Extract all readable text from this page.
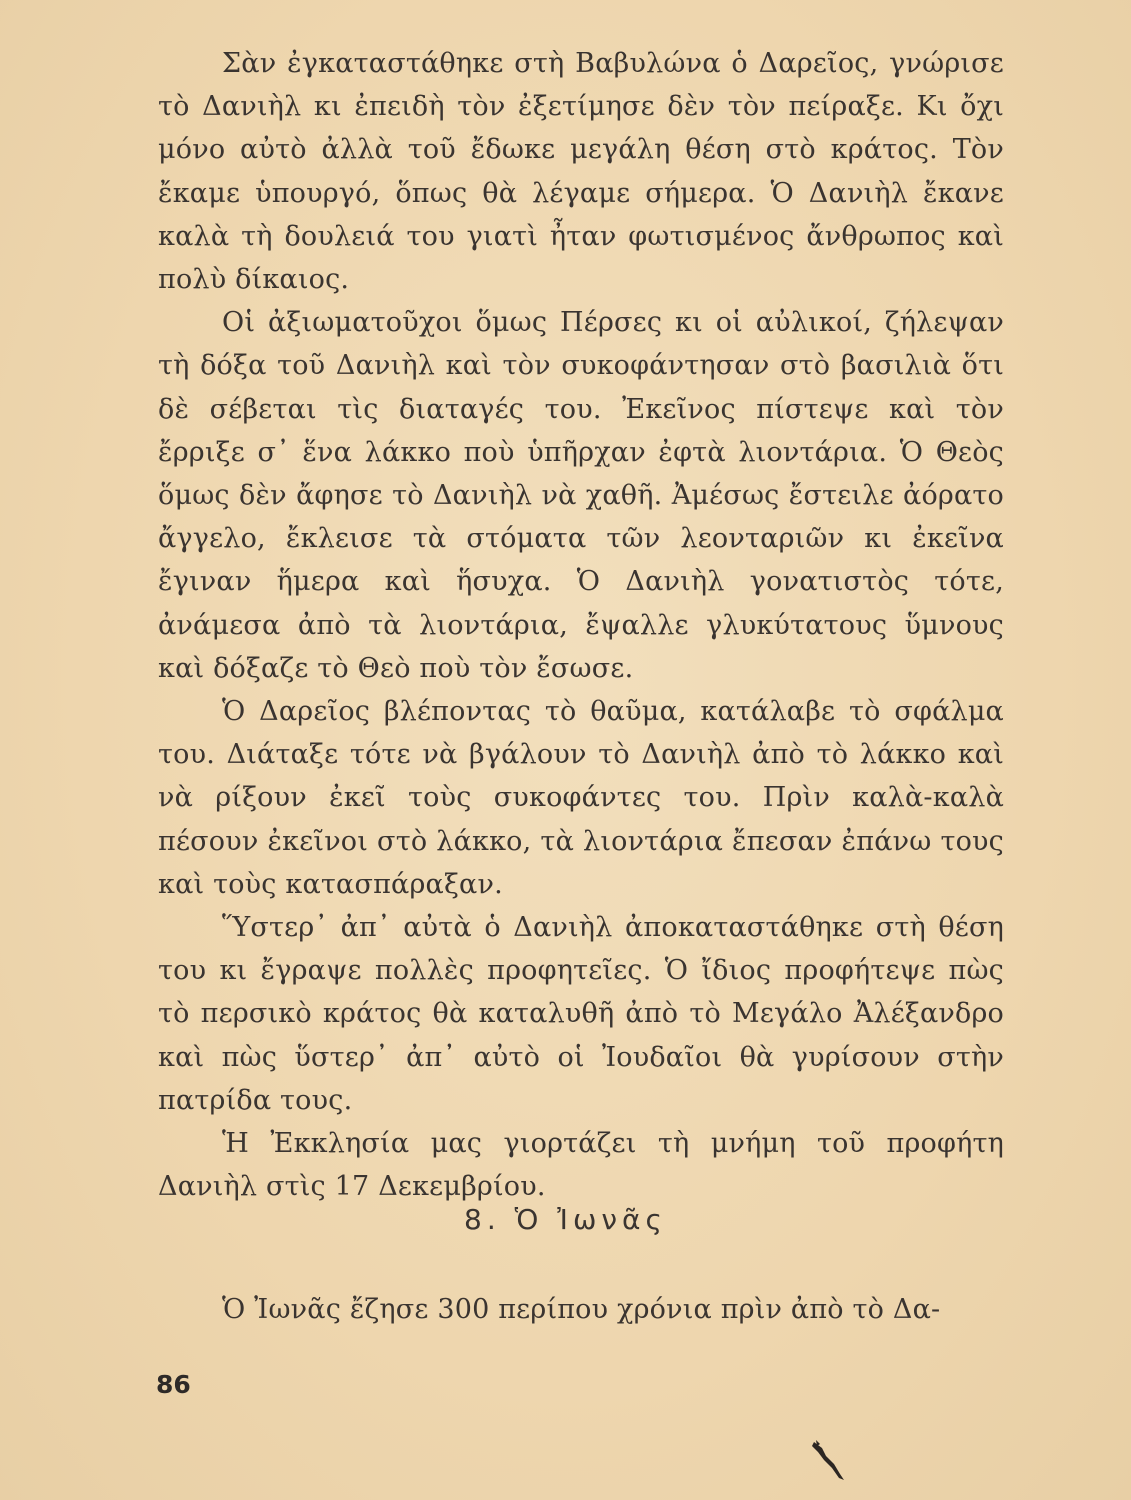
Σὰν ἐγκαταστάθηκε στὴ Βαβυλώνα ὁ Δαρεῖος, γνώρισε τὸ Δανιὴλ κι ἐπειδὴ τὸν ἐξετίμησε δὲν τὸν πείραξε. Κι ὄχι μόνο αὐτὸ ἀλλὰ τοῦ ἔδωκε μεγάλη θέση στὸ κράτος. Τὸν ἔκαμε ὑπουργό, ὅπως θὰ λέγαμε σήμερα. Ὁ Δανιὴλ ἔκανε καλὰ τὴ δουλειά του γιατὶ ἦταν φωτισμένος ἄνθρωπος καὶ πολὺ δίκαιος.

Οἱ ἀξιωματοῦχοι ὅμως Πέρσες κι οἱ αὐλικοί, ζήλεψαν τὴ δόξα τοῦ Δανιὴλ καὶ τὸν συκοφάντησαν στὸ βασιλιὰ ὅτι δὲ σέβεται τὶς διαταγές του. Ἐκεῖνος πίστεψε καὶ τὸν ἔρριξε σ᾽ ἕνα λάκκο ποὺ ὑπῆρχαν ἐφτὰ λιοντάρια. Ὁ Θεὸς ὅμως δὲν ἄφησε τὸ Δανιὴλ νὰ χαθῆ. Ἀμέσως ἔστειλε ἀόρατο ἄγγελο, ἔκλεισε τὰ στόματα τῶν λεονταριῶν κι ἐκεῖνα ἔγιναν ἥμερα καὶ ἥσυχα. Ὁ Δανιὴλ γονατιστὸς τότε, ἀνάμεσα ἀπὸ τὰ λιοντάρια, ἔψαλλε γλυκύτατους ὕμνους καὶ δόξαζε τὸ Θεὸ ποὺ τὸν ἔσωσε.

Ὁ Δαρεῖος βλέποντας τὸ θαῦμα, κατάλαβε τὸ σφάλμα του. Διάταξε τότε νὰ βγάλουν τὸ Δανιὴλ ἀπὸ τὸ λάκκο καὶ νὰ ρίξουν ἐκεῖ τοὺς συκοφάντες του. Πρὶν καλὰ-καλὰ πέσουν ἐκεῖνοι στὸ λάκκο, τὰ λιοντάρια ἔπεσαν ἐπάνω τους καὶ τοὺς κατασπάραξαν.

Ὕστερ᾽ ἀπ᾽ αὐτὰ ὁ Δανιὴλ ἀποκαταστάθηκε στὴ θέση του κι ἔγραψε πολλὲς προφητεῖες. Ὁ ἴδιος προφήτεψε πὼς τὸ περσικὸ κράτος θὰ καταλυθῆ ἀπὸ τὸ Μεγάλο Ἀλέξανδρο καὶ πὼς ὕστερ᾽ ἀπ᾽ αὐτὸ οἱ Ἰουδαῖοι θὰ γυρίσουν στὴν πατρίδα τους.

Ἡ Ἐκκλησία μας γιορτάζει τὴ μνήμη τοῦ προφήτη Δανιὴλ στὶς 17 Δεκεμβρίου.

8. Ὁ Ἰωνᾶς

Ὁ Ἰωνᾶς ἔζησε 300 περίπου χρόνια πρὶν ἀπὸ τὸ Δα-

86
